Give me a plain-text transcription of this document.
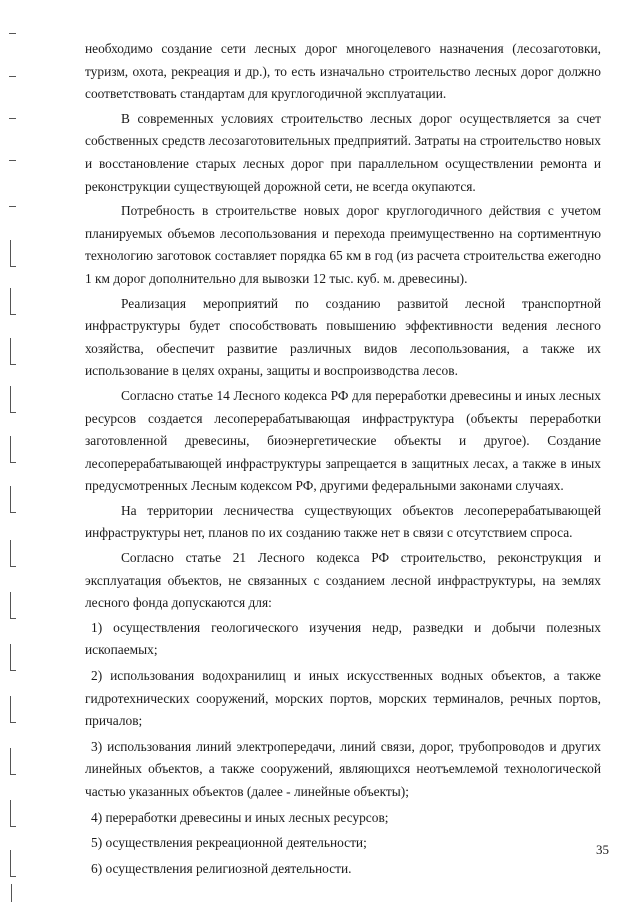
необходимо создание сети лесных дорог многоцелевого назначения (лесозаготовки, туризм, охота, рекреация и др.), то есть изначально строительство лесных дорог должно соответствовать стандартам для круглогодичной эксплуатации.

В современных условиях строительство лесных дорог осуществляется за счет собственных средств лесозаготовительных предприятий. Затраты на строительство новых и восстановление старых лесных дорог при параллельном осуществлении ремонта и реконструкции существующей дорожной сети, не всегда окупаются.

Потребность в строительстве новых дорог круглогодичного действия с учетом планируемых объемов лесопользования и перехода преимущественно на сортиментную технологию заготовок составляет порядка 65 км в год (из расчета строительства ежегодно 1 км дорог дополнительно для вывозки 12 тыс. куб. м. древесины).

Реализация мероприятий по созданию развитой лесной транспортной инфраструктуры будет способствовать повышению эффективности ведения лесного хозяйства, обеспечит развитие различных видов лесопользования, а также их использование в целях охраны, защиты и воспроизводства лесов.

Согласно статье 14 Лесного кодекса РФ для переработки древесины и иных лесных ресурсов создается лесоперерабатывающая инфраструктура (объекты переработки заготовленной древесины, биоэнергетические объекты и другое). Создание лесоперерабатывающей инфраструктуры запрещается в защитных лесах, а также в иных предусмотренных Лесным кодексом РФ, другими федеральными законами случаях.

На территории лесничества существующих объектов лесоперерабатывающей инфраструктуры нет, планов по их созданию также нет в связи с отсутствием спроса.

Согласно статье 21 Лесного кодекса РФ строительство, реконструкция и эксплуатация объектов, не связанных с созданием лесной инфраструктуры, на землях лесного фонда допускаются для:

1) осуществления геологического изучения недр, разведки и добычи полезных ископаемых;

2) использования водохранилищ и иных искусственных водных объектов, а также гидротехнических сооружений, морских портов, морских терминалов, речных портов, причалов;

3) использования линий электропередачи, линий связи, дорог, трубопроводов и других линейных объектов, а также сооружений, являющихся неотъемлемой технологической частью указанных объектов (далее - линейные объекты);

4) переработки древесины и иных лесных ресурсов;

5) осуществления рекреационной деятельности;

6) осуществления религиозной деятельности.

35
